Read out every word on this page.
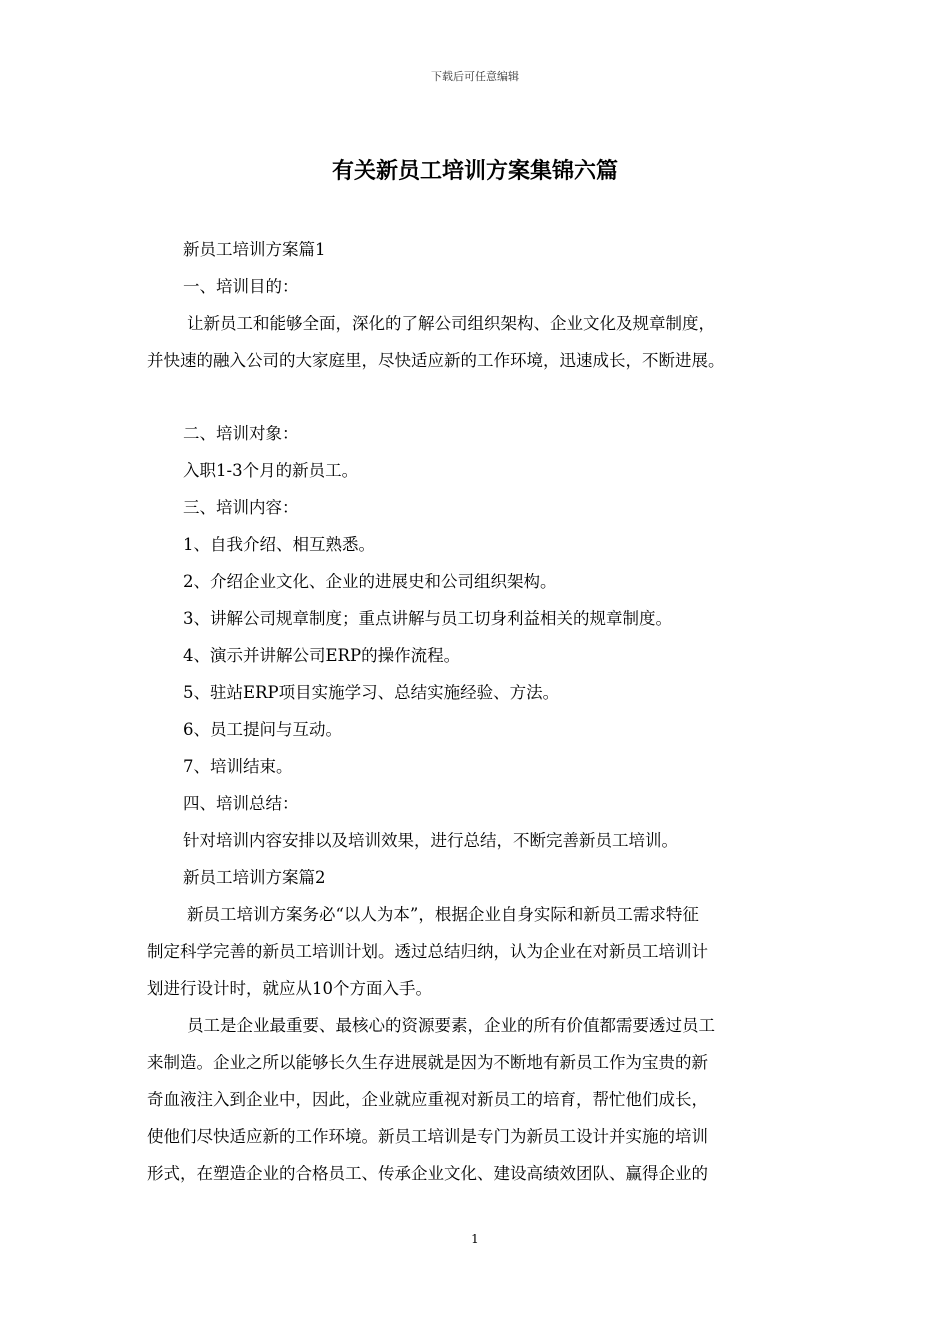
下载后可任意编辑
有关新员工培训方案集锦六篇
新员工培训方案篇1
一、培训目的：
让新员工和能够全面，深化的了解公司组织架构、企业文化及规章制度，
并快速的融入公司的大家庭里，尽快适应新的工作环境，迅速成长，不断进展。
二、培训对象：
入职1-3个月的新员工。
三、培训内容：
1、自我介绍、相互熟悉。
2、介绍企业文化、企业的进展史和公司组织架构。
3、讲解公司规章制度；重点讲解与员工切身利益相关的规章制度。
4、演示并讲解公司ERP的操作流程。
5、驻站ERP项目实施学习、总结实施经验、方法。
6、员工提问与互动。
7、培训结束。
四、培训总结：
针对培训内容安排以及培训效果，进行总结，不断完善新员工培训。
新员工培训方案篇2
新员工培训方案务必“以人为本”，根据企业自身实际和新员工需求特征
制定科学完善的新员工培训计划。透过总结归纳，认为企业在对新员工培训计
划进行设计时，就应从10个方面入手。
员工是企业最重要、最核心的资源要素，企业的所有价值都需要透过员工
来制造。企业之所以能够长久生存进展就是因为不断地有新员工作为宝贵的新
奇血液注入到企业中，因此，企业就应重视对新员工的培育，帮忙他们成长，
使他们尽快适应新的工作环境。新员工培训是专门为新员工设计并实施的培训
形式，在塑造企业的合格员工、传承企业文化、建设高绩效团队、赢得企业的
1
